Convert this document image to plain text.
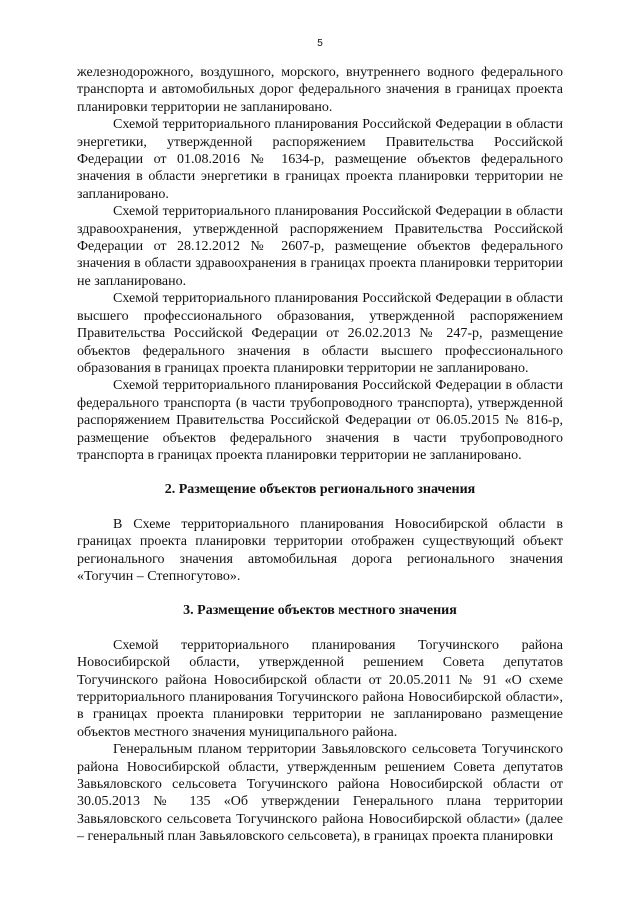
5

железнодорожного, воздушного, морского, внутреннего водного федерального транспорта и автомобильных дорог федерального значения в границах проекта планировки территории не запланировано.

Схемой территориального планирования Российской Федерации в области энергетики, утвержденной распоряжением Правительства Российской Федерации от 01.08.2016 № 1634-р, размещение объектов федерального значения в области энергетики в границах проекта планировки территории не запланировано.

Схемой территориального планирования Российской Федерации в области здравоохранения, утвержденной распоряжением Правительства Российской Федерации от 28.12.2012 № 2607-р, размещение объектов федерального значения в области здравоохранения в границах проекта планировки территории не запланировано.

Схемой территориального планирования Российской Федерации в области высшего профессионального образования, утвержденной распоряжением Правительства Российской Федерации от 26.02.2013 № 247-р, размещение объектов федерального значения в области высшего профессионального образования в границах проекта планировки территории не запланировано.

Схемой территориального планирования Российской Федерации в области федерального транспорта (в части трубопроводного транспорта), утвержденной распоряжением Правительства Российской Федерации от 06.05.2015 № 816-р, размещение объектов федерального значения в части трубопроводного транспорта в границах проекта планировки территории не запланировано.

2. Размещение объектов регионального значения

В Схеме территориального планирования Новосибирской области в границах проекта планировки территории отображен существующий объект регионального значения автомобильная дорога регионального значения «Тогучин – Степногутово».

3. Размещение объектов местного значения

Схемой территориального планирования Тогучинского района Новосибирской области, утвержденной решением Совета депутатов Тогучинского района Новосибирской области от 20.05.2011 № 91 «О схеме территориального планирования Тогучинского района Новосибирской области», в границах проекта планировки территории не запланировано размещение объектов местного значения муниципального района.

Генеральным планом территории Завьяловского сельсовета Тогучинского района Новосибирской области, утвержденным решением Совета депутатов Завьяловского сельсовета Тогучинского района Новосибирской области от 30.05.2013 № 135 «Об утверждении Генерального плана территории Завьяловского сельсовета Тогучинского района Новосибирской области» (далее – генеральный план Завьяловского сельсовета), в границах проекта планировки
